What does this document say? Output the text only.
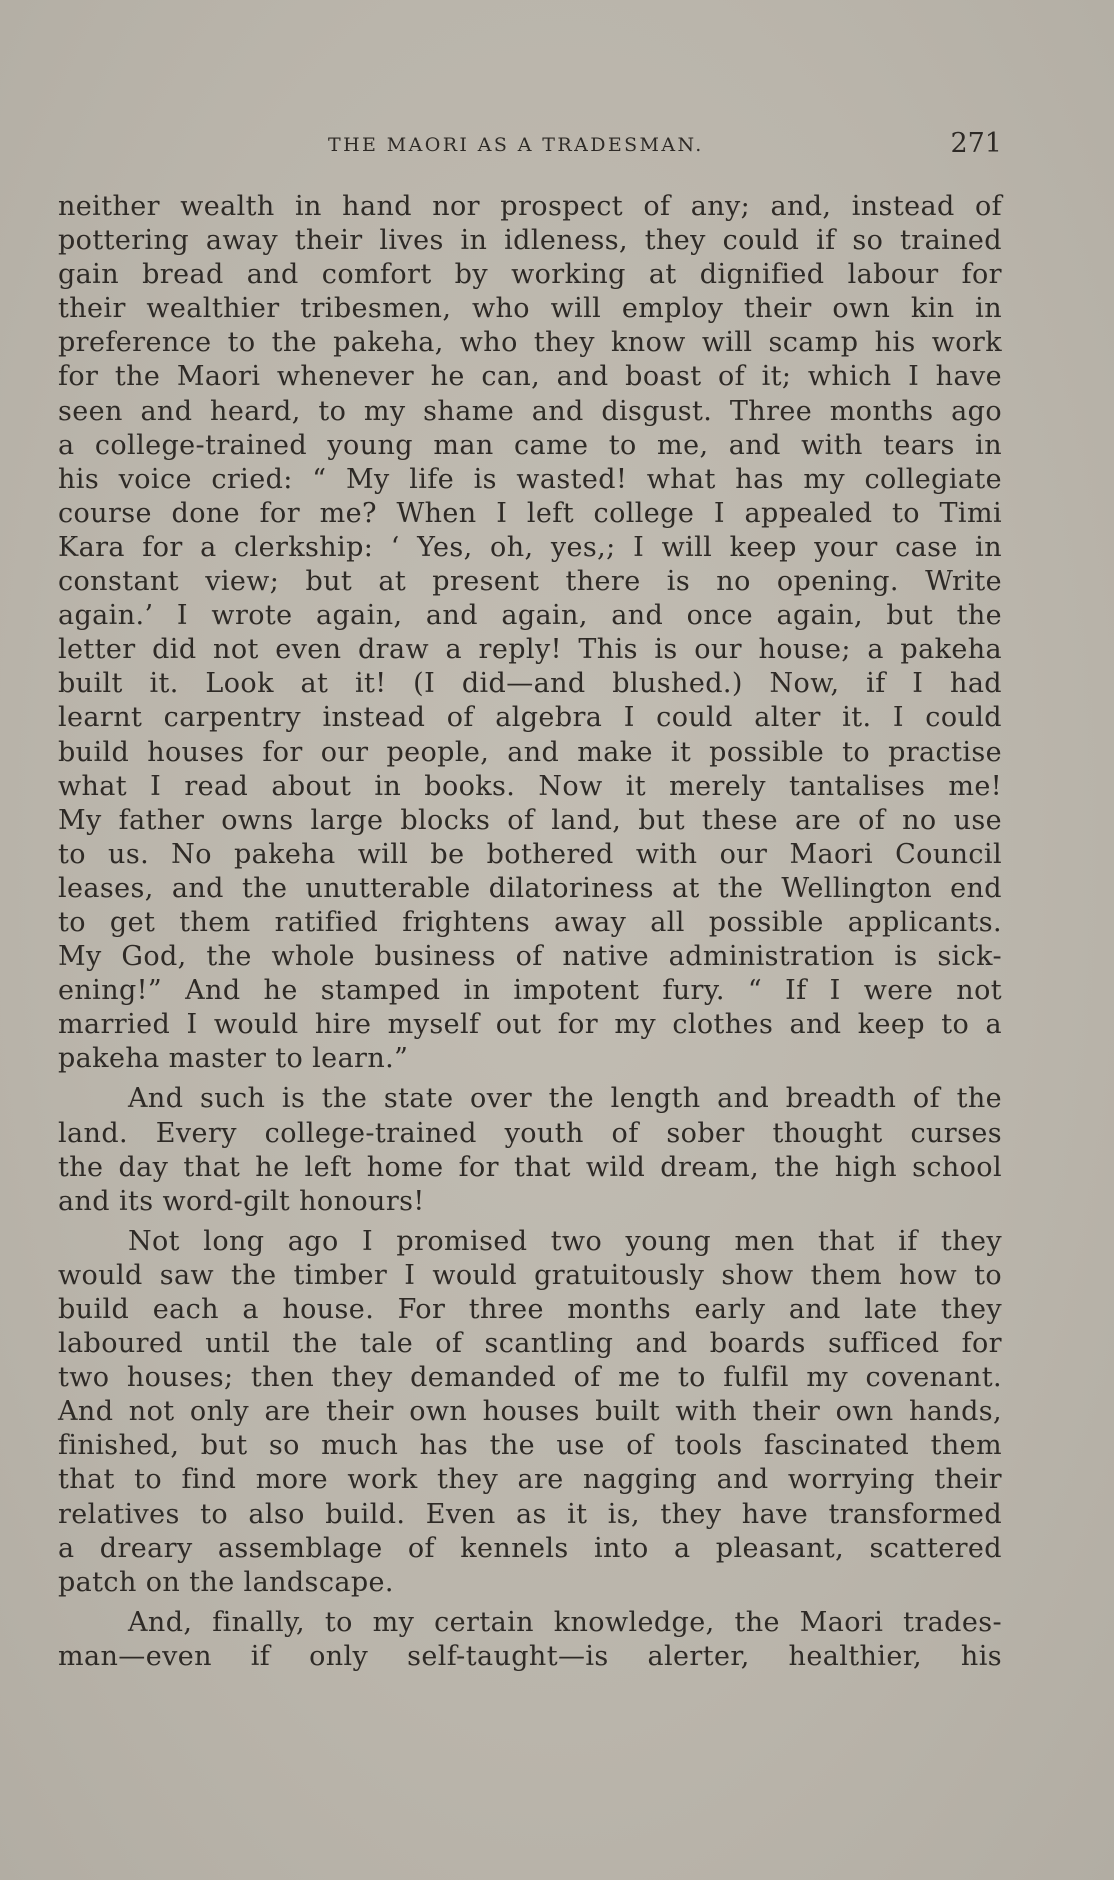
THE MAORI AS A TRADESMAN.	271
neither wealth in hand nor prospect of any; and, instead of
pottering away their lives in idleness, they could if so trained
gain bread and comfort by working at dignified labour for
their wealthier tribesmen, who will employ their own kin in
preference to the pakeha, who they know will scamp his work
for the Maori whenever he can, and boast of it; which I have
seen and heard, to my shame and disgust. Three months ago
a college-trained young man came to me, and with tears in
his voice cried: “ My life is wasted! what has my collegiate
course done for me? When I left college I appealed to Timi
Kara for a clerkship: ‘ Yes, oh, yes,; I will keep your case in
constant view; but at present there is no opening. Write
again.’ I wrote again, and again, and once again, but the
letter did not even draw a reply! This is our house; a pakeha
built it. Look at it! (I did—and blushed.) Now, if I had
learnt carpentry instead of algebra I could alter it. I could
build houses for our people, and make it possible to practise
what I read about in books. Now it merely tantalises me!
My father owns large blocks of land, but these are of no use
to us. No pakeha will be bothered with our Maori Council
leases, and the unutterable dilatoriness at the Wellington end
to get them ratified frightens away all possible applicants.
My God, the whole business of native administration is sick-
ening!” And he stamped in impotent fury. “ If I were not
married I would hire myself out for my clothes and keep to a
pakeha master to learn.”
And such is the state over the length and breadth of the
land. Every college-trained youth of sober thought curses
the day that he left home for that wild dream, the high school
and its word-gilt honours!
Not long ago I promised two young men that if they
would saw the timber I would gratuitously show them how to
build each a house. For three months early and late they
laboured until the tale of scantling and boards sufficed for
two houses; then they demanded of me to fulfil my covenant.
And not only are their own houses built with their own hands,
finished, but so much has the use of tools fascinated them
that to find more work they are nagging and worrying their
relatives to also build. Even as it is, they have transformed
a dreary assemblage of kennels into a pleasant, scattered
patch on the landscape.
And, finally, to my certain knowledge, the Maori trades-
man—even if only self-taught—is alerter, healthier, his
